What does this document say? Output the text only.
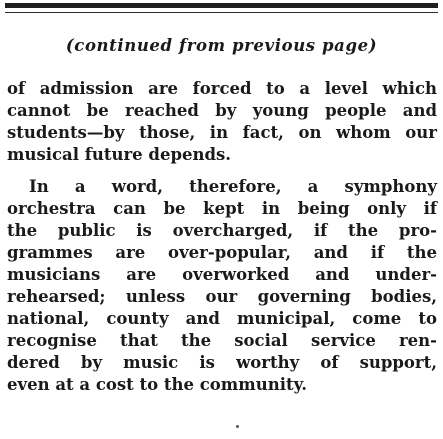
(continued from previous page)

of admission are forced to a level which
cannot be reached by young people and
students—by those, in fact, on whom our
musical future depends.
In a word, therefore, a symphony
orchestra can be kept in being only if
the public is overcharged, if the pro-
grammes are over-popular, and if the
musicians are overworked and under-
rehearsed; unless our governing bodies,
national, county and municipal, come to
recognise that the social service ren-
dered by music is worthy of support,
even at a cost to the community.
